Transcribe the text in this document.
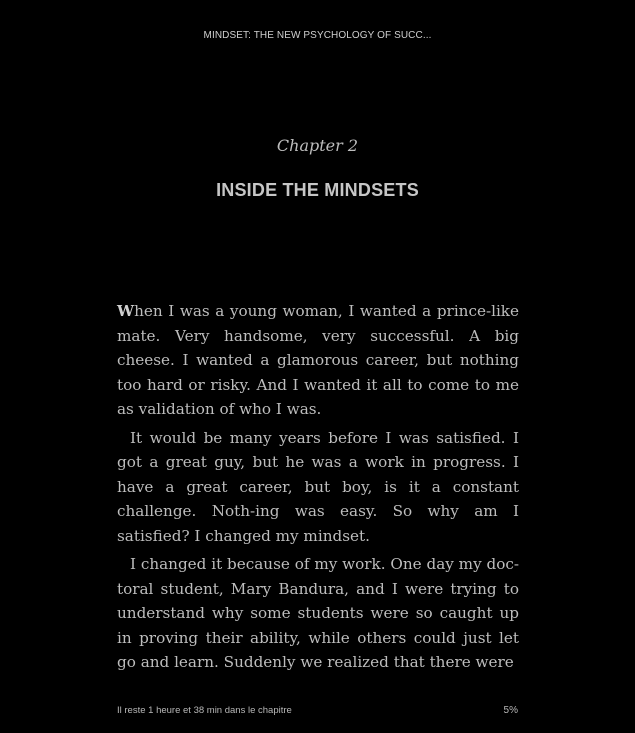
MINDSET: THE NEW PSYCHOLOGY OF SUCC...
Chapter 2
INSIDE THE MINDSETS

When I was a young woman, I wanted a prince-like mate. Very handsome, very successful. A big cheese. I wanted a glamorous career, but nothing too hard or risky. And I wanted it all to come to me as validation of who I was.

It would be many years before I was satisfied. I got a great guy, but he was a work in progress. I have a great career, but boy, is it a constant challenge. Noth-ing was easy. So why am I satisfied? I changed my mindset.

I changed it because of my work. One day my doc-toral student, Mary Bandura, and I were trying to understand why some students were so caught up in proving their ability, while others could just let go and learn. Suddenly we realized that there were

Il reste 1 heure et 38 min dans le chapitre	5%
